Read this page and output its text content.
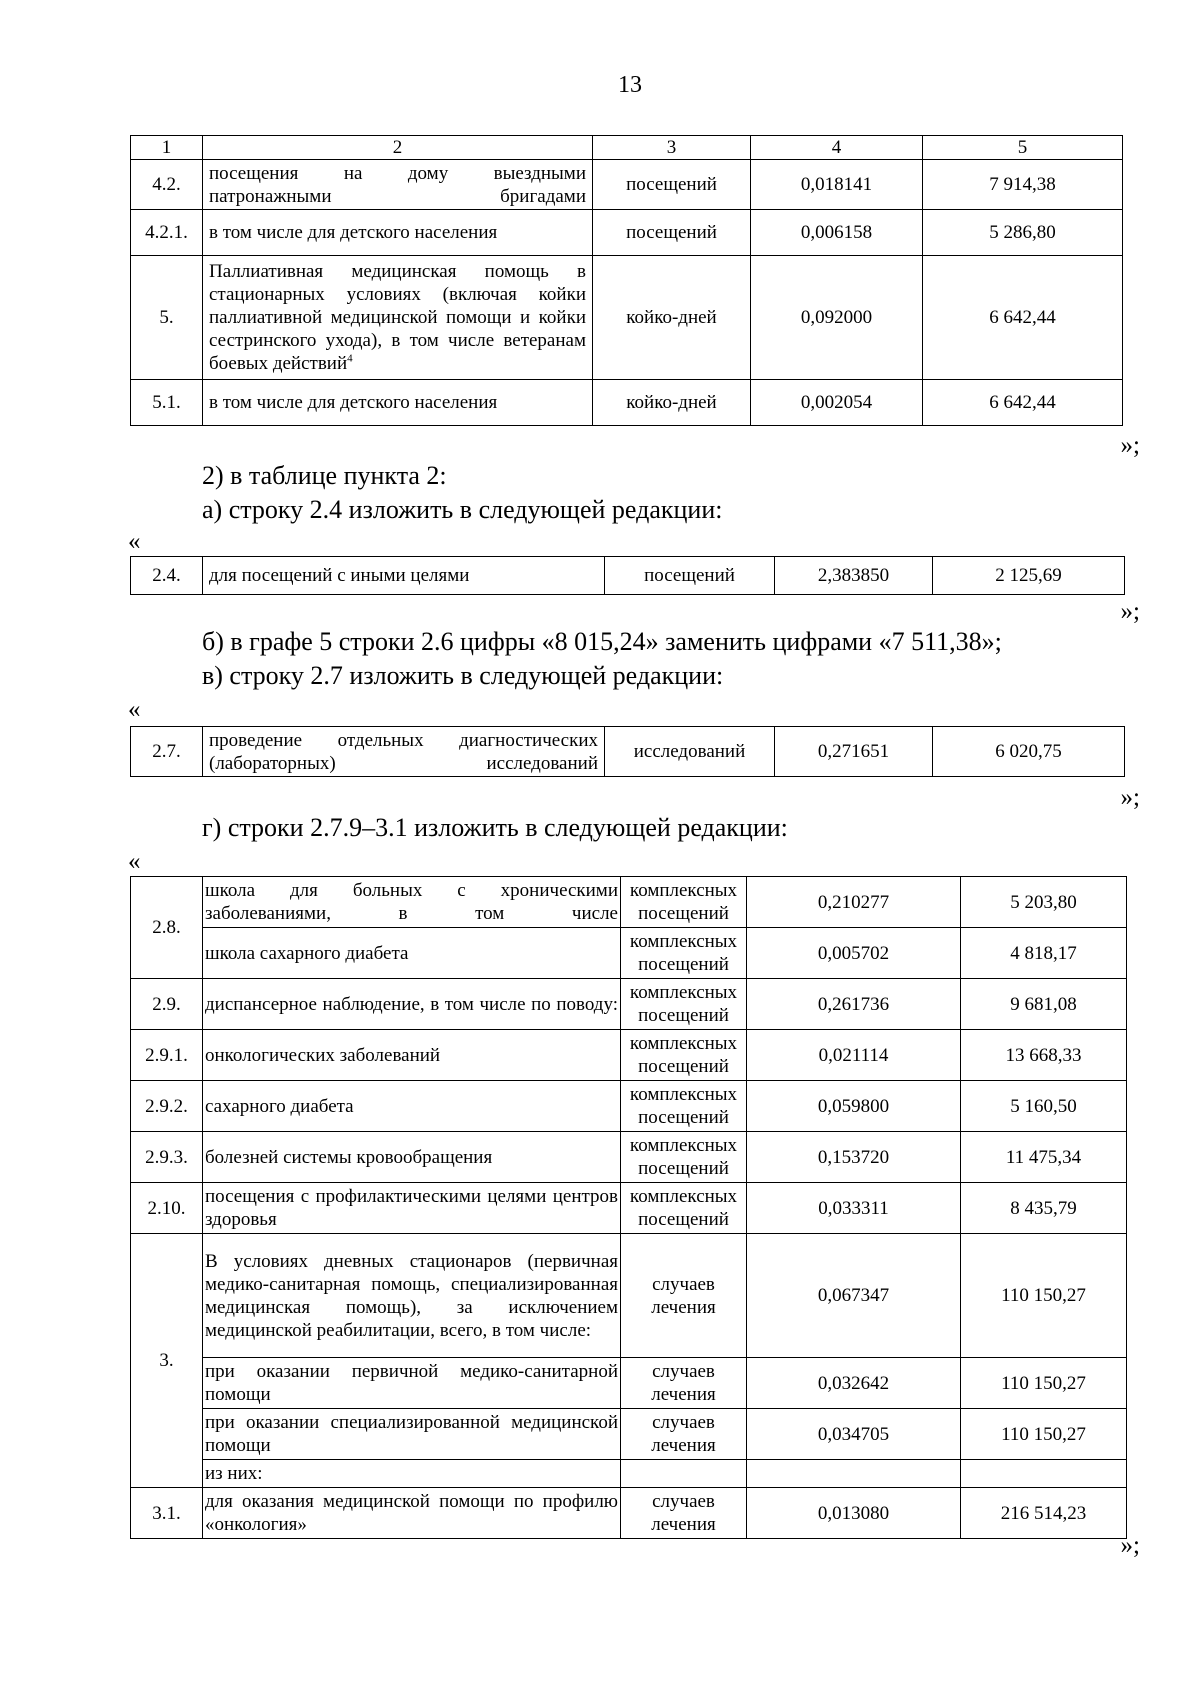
13
1	2	3	4	5
4.2.	посещения на дому выездными патронажными бригадами	посещений	0,018141	7 914,38
4.2.1.	в том числе для детского населения	посещений	0,006158	5 286,80
5.	Паллиативная медицинская помощь в стационарных условиях (включая койки паллиативной медицинской помощи и койки сестринского ухода), в том числе ветеранам боевых действий$^4$	койко-дней	0,092000	6 642,44
5.1.	в том числе для детского населения	койко-дней	0,002054	6 642,44
»;
2) в таблице пункта 2:
а) строку 2.4 изложить в следующей редакции:
«
2.4.	для посещений с иными целями	посещений	2,383850	2 125,69
»;
б) в графе 5 строки 2.6 цифры «8 015,24» заменить цифрами «7 511,38»;
в) строку 2.7 изложить в следующей редакции:
«
2.7.	проведение отдельных диагностических (лабораторных) исследований	исследований	0,271651	6 020,75
»;
г) строки 2.7.9–3.1 изложить в следующей редакции:
«
2.8.	школа для больных с хроническими заболеваниями, в том числе	комплексных посещений	0,210277	5 203,80
	школа сахарного диабета	комплексных посещений	0,005702	4 818,17
2.9.	диспансерное наблюдение, в том числе по поводу:	комплексных посещений	0,261736	9 681,08
2.9.1.	онкологических заболеваний	комплексных посещений	0,021114	13 668,33
2.9.2.	сахарного диабета	комплексных посещений	0,059800	5 160,50
2.9.3.	болезней системы кровообращения	комплексных посещений	0,153720	11 475,34
2.10.	посещения с профилактическими целями центров здоровья	комплексных посещений	0,033311	8 435,79
3.	В условиях дневных стационаров (первичная медико-санитарная помощь, специализированная медицинская помощь), за исключением медицинской реабилитации, всего, в том числе:	случаев лечения	0,067347	110 150,27
	при оказании первичной медико-санитарной помощи	случаев лечения	0,032642	110 150,27
	при оказании специализированной медицинской помощи	случаев лечения	0,034705	110 150,27
	из них:			
3.1.	для оказания медицинской помощи по профилю «онкология»	случаев лечения	0,013080	216 514,23
»;
